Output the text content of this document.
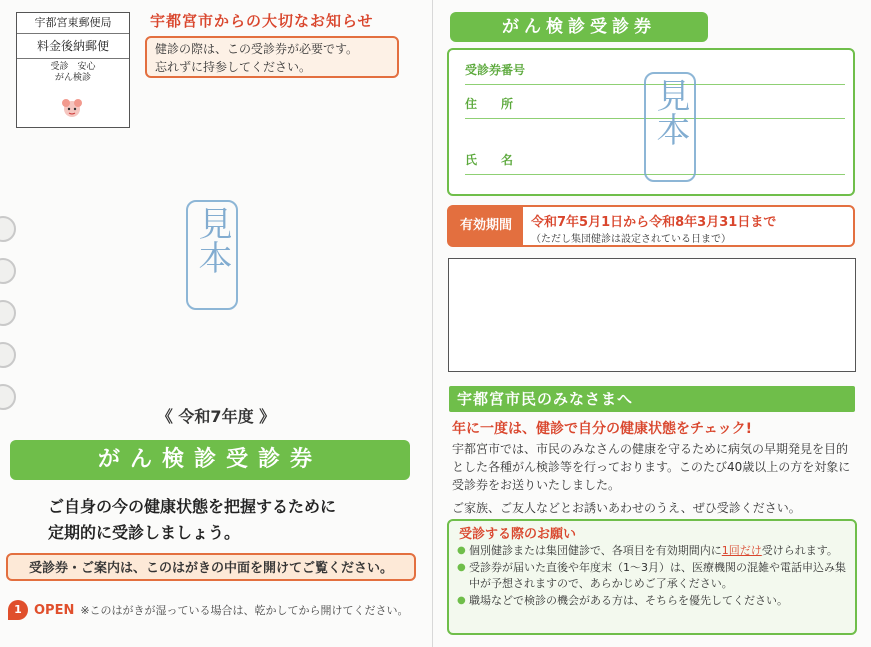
宇都宮東郵便局
料金後納郵便
受診　安心
がん検診
宇都宮市からの大切なお知らせ
健診の際は、この受診券が必要です。
忘れずに持参してください。
見本
《 令和7年度 》
がん検診受診券
ご自身の今の健康状態を把握するために
定期的に受診しましょう。
受診券・ご案内は、このはがきの中面を開けてご覧ください。
1 OPEN ※このはがきが湿っている場合は、乾かしてから開けてください。
がん検診受診券
受診券番号
住　　所
氏　　名
見本
有効期間	令和7年5月1日から令和8年3月31日まで
（ただし集団健診は設定されている日まで）
宇都宮市民のみなさまへ
年に一度は、健診で自分の健康状態をチェック!
宇都宮市では、市民のみなさんの健康を守るために病気の早期発見を目的とした各種がん検診等を行っております。このたび40歳以上の方を対象に受診券をお送りいたしました。
ご家族、ご友人などとお誘いあわせのうえ、ぜひ受診ください。
受診する際のお願い
● 個別健診または集団健診で、各項目を有効期間内に1回だけ受けられます。
● 受診券が届いた直後や年度末（1～3月）は、医療機関の混雑や電話申込み集中が予想されますので、あらかじめご了承ください。
● 職場などで検診の機会がある方は、そちらを優先してください。
